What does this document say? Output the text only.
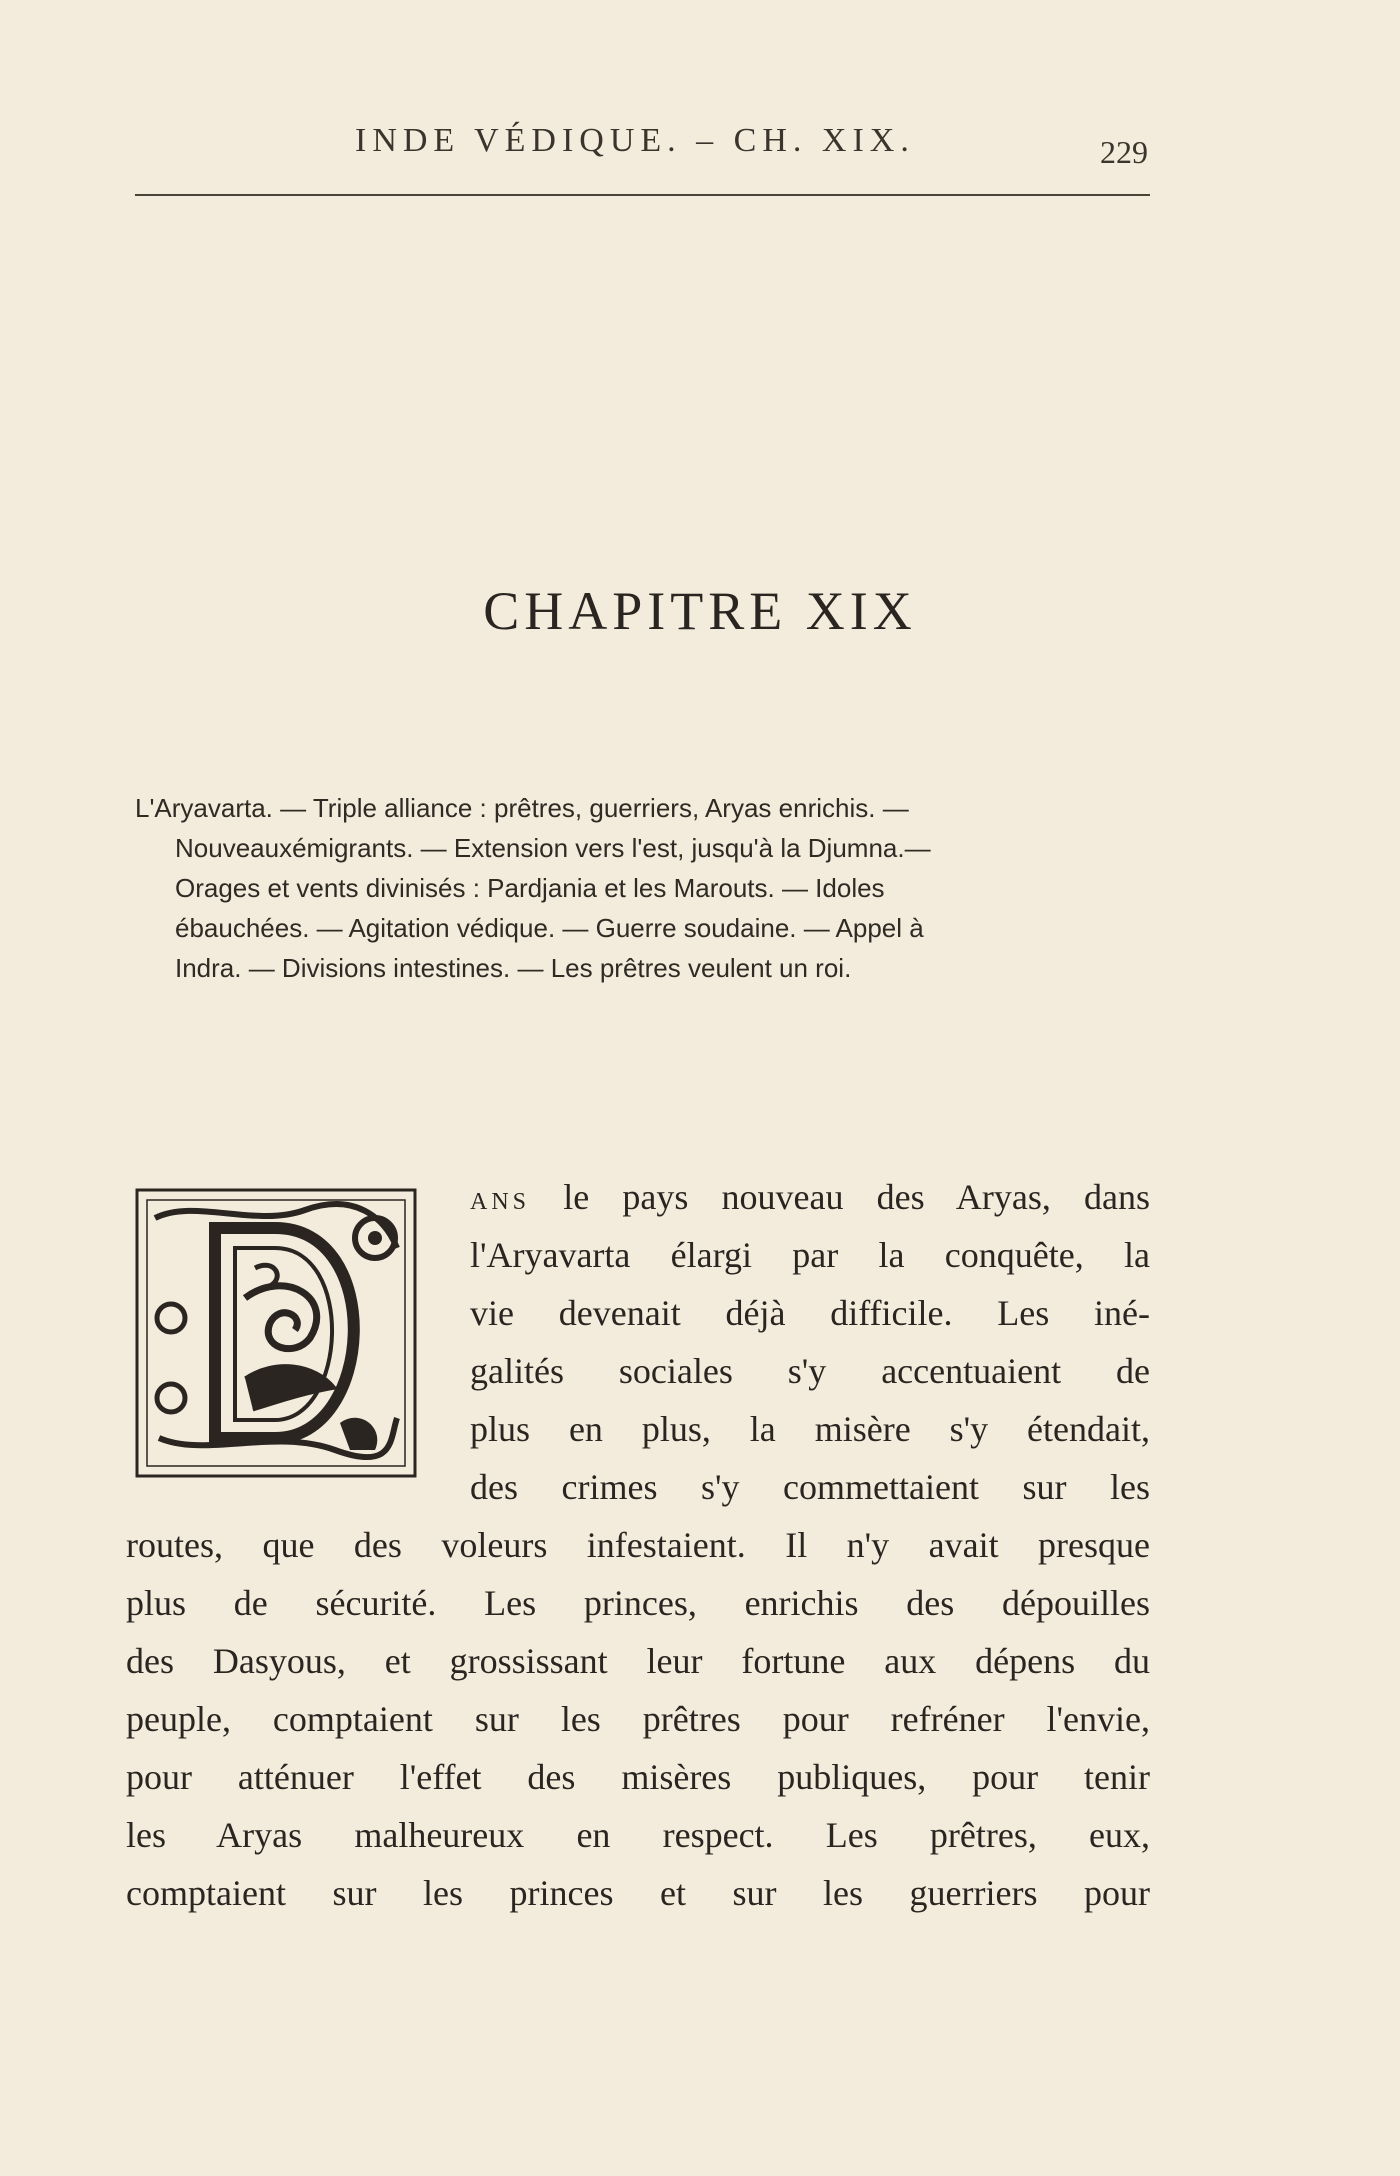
INDE VÉDIQUE. – CH. XIX.	229
CHAPITRE XIX
L'Aryavarta. — Triple alliance : prêtres, guerriers, Aryas enrichis. —
Nouveauxémigrants. — Extension vers l'est, jusqu'à la Djumna.—
Orages et vents divinisés : Pardjania et les Marouts. — Idoles
ébauchées. — Agitation védique. — Guerre soudaine. — Appel à
Indra. — Divisions intestines. — Les prêtres veulent un roi.
ANS le pays nouveau des Aryas, dans
l'Aryavarta élargi par la conquête, la
vie devenait déjà difficile. Les iné-
galités sociales s'y accentuaient de
plus en plus, la misère s'y étendait,
des crimes s'y commettaient sur les
routes, que des voleurs infestaient. Il n'y avait presque
plus de sécurité. Les princes, enrichis des dépouilles
des Dasyous, et grossissant leur fortune aux dépens du
peuple, comptaient sur les prêtres pour refréner l'envie,
pour atténuer l'effet des misères publiques, pour tenir
les Aryas malheureux en respect. Les prêtres, eux,
comptaient sur les princes et sur les guerriers pour
